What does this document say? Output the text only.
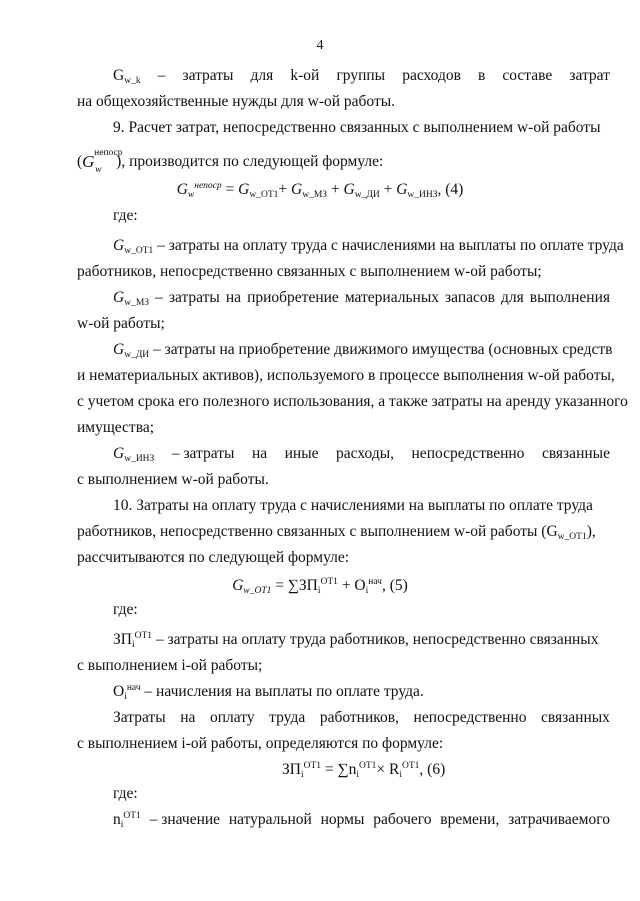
4
$G_{w\_k}$ – затраты для k-ой группы расходов в составе затрат
на общехозяйственные нужды для w-ой работы.
9. Расчет затрат, непосредственно связанных с выполнением w-ой работы
( G непоср
w
), производится по следующей формуле:
$G_w^{непоср} = G_{w\_ОТ1}+ G_{w\_МЗ} + G_{w\_ДИ} + G_{w\_ИНЗ}$, (4)
где:
$G_{w\_ОТ1}$ – затраты на оплату труда с начислениями на выплаты по оплате труда
работников, непосредственно связанных с выполнением w-ой работы;
$G_{w\_МЗ}$ – затраты на приобретение материальных запасов для выполнения
w-ой работы;
$G_{w\_ДИ}$ – затраты на приобретение движимого имущества (основных средств
и нематериальных активов), используемого в процессе выполнения w-ой работы,
с учетом срока его полезного использования, а также затраты на аренду указанного
имущества;
$G_{w\_ИНЗ}$ – затраты на иные расходы, непосредственно связанные
с выполнением w-ой работы.
10. Затраты на оплату труда с начислениями на выплаты по оплате труда
работников, непосредственно связанных с выполнением w-ой работы $(G_{w\_ОТ1})$,
рассчитываются по следующей формуле:
$G_{w\_ОТ1} = \sum ЗП_i^{ОТ1} + О_i^{нач}$, (5)
где:
$ЗП_i^{ОТ1}$ – затраты на оплату труда работников, непосредственно связанных
с выполнением i-ой работы;
$О_i^{нач}$ – начисления на выплаты по оплате труда.
Затраты на оплату труда работников, непосредственно связанных
с выполнением i-ой работы, определяются по формуле:
$ЗП_i^{ОТ1} = \sum n_i^{ОТ1}\times R_i^{ОТ1}$, (6)
где:
$n_i^{ОТ1}$ – значение натуральной нормы рабочего времени, затрачиваемого
